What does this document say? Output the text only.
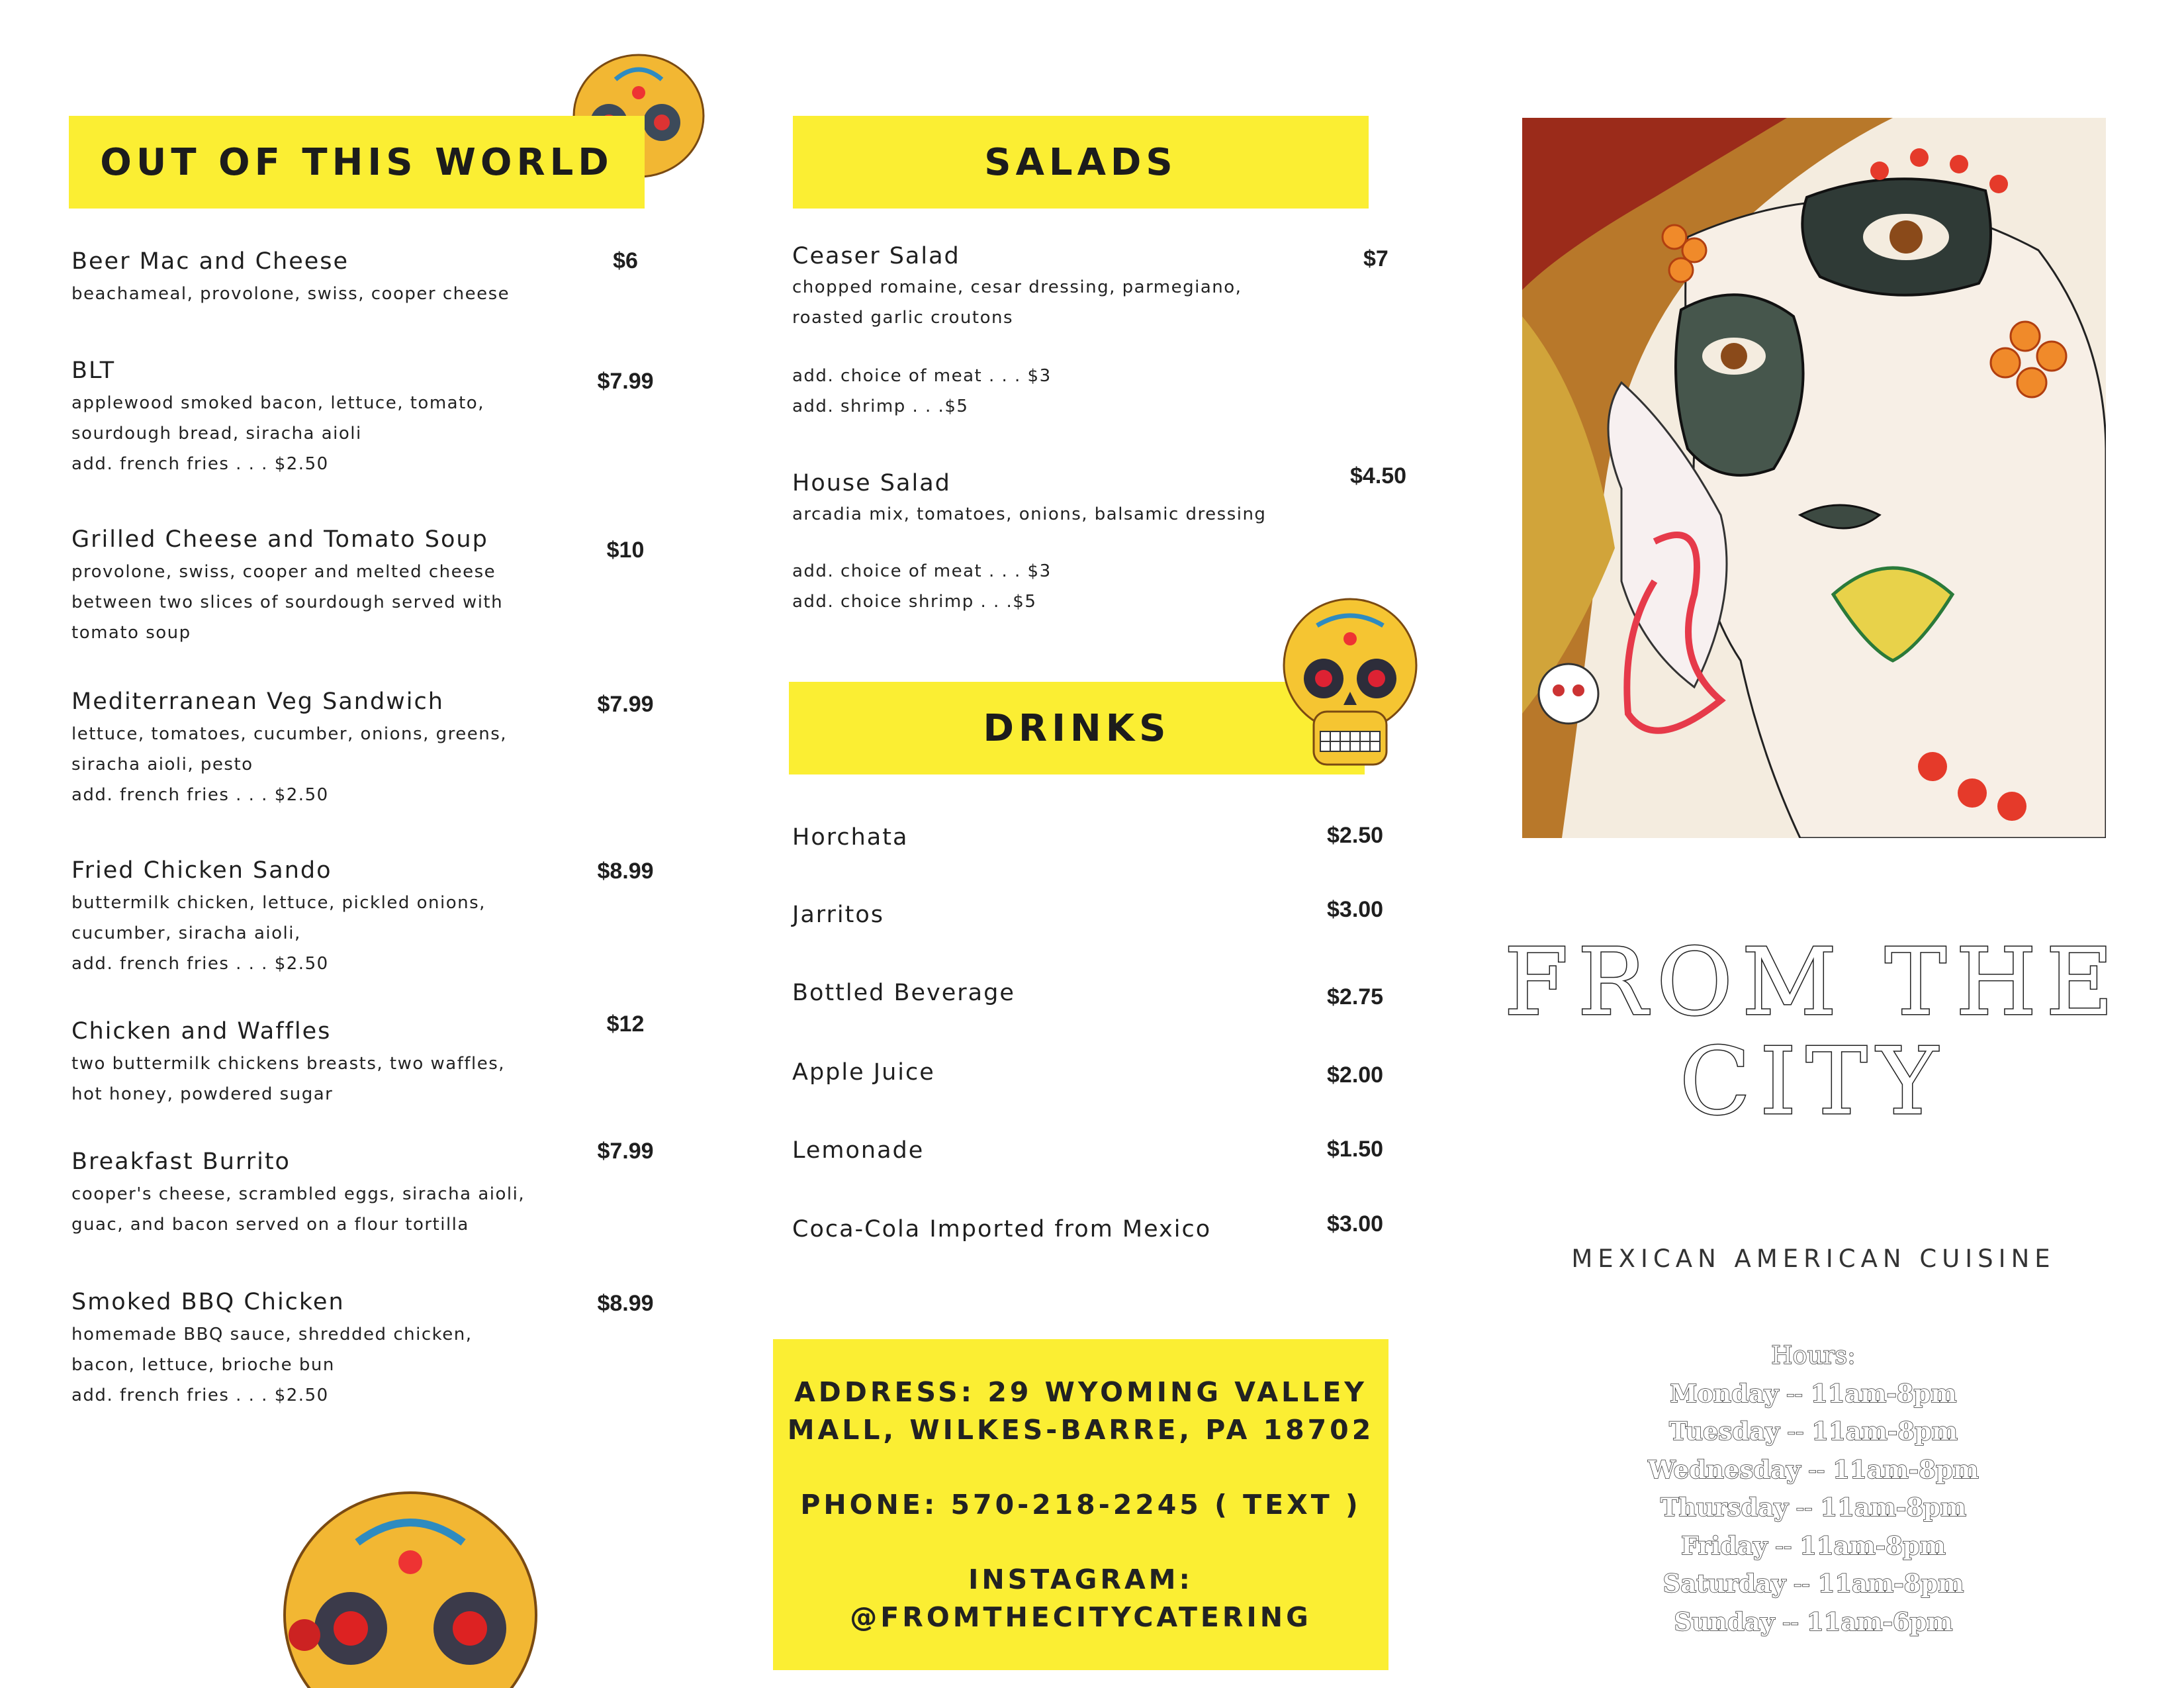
OUT OF THIS WORLD
Beer Mac and Cheese
beachameal, provolone, swiss, cooper cheese
$6
BLT
applewood smoked bacon, lettuce, tomato,
sourdough bread, siracha aioli
add. french fries . . . $2.50
$7.99
Grilled Cheese and Tomato Soup
provolone, swiss, cooper and melted cheese
between two slices of sourdough served with
tomato soup
$10
Mediterranean Veg Sandwich
lettuce, tomatoes, cucumber, onions, greens,
siracha aioli, pesto
add. french fries . . . $2.50
$7.99
Fried Chicken Sando
buttermilk chicken, lettuce, pickled onions,
cucumber, siracha aioli,
add. french fries . . . $2.50
$8.99
Chicken and Waffles
two buttermilk chickens breasts, two waffles,
hot honey, powdered sugar
$12
Breakfast Burrito
cooper's cheese, scrambled eggs, siracha aioli,
guac, and bacon served on a flour tortilla
$7.99
Smoked BBQ Chicken
homemade BBQ sauce, shredded chicken,
bacon, lettuce, brioche bun
add. french fries . . . $2.50
$8.99
SALADS
Ceaser Salad
chopped romaine, cesar dressing, parmegiano,
roasted garlic croutons
add. choice of meat . . . $3
add. shrimp . . .$5
$7
House Salad
arcadia mix, tomatoes, onions, balsamic dressing
add. choice of meat . . . $3
add. choice shrimp . . .$5
$4.50
DRINKS
Horchata	$2.50
Jarritos	$3.00
Bottled Beverage	$2.75
Apple Juice	$2.00
Lemonade	$1.50
Coca-Cola Imported from Mexico	$3.00
ADDRESS: 29 WYOMING VALLEY
MALL, WILKES-BARRE, PA 18702
PHONE: 570-218-2245 ( TEXT )
INSTAGRAM:
@FROMTHECITYCATERING
FROM THE
CITY
MEXICAN AMERICAN CUISINE
Hours:
Monday -- 11am-8pm
Tuesday -- 11am-8pm
Wednesday -- 11am-8pm
Thursday -- 11am-8pm
Friday -- 11am-8pm
Saturday -- 11am-8pm
Sunday -- 11am-6pm
